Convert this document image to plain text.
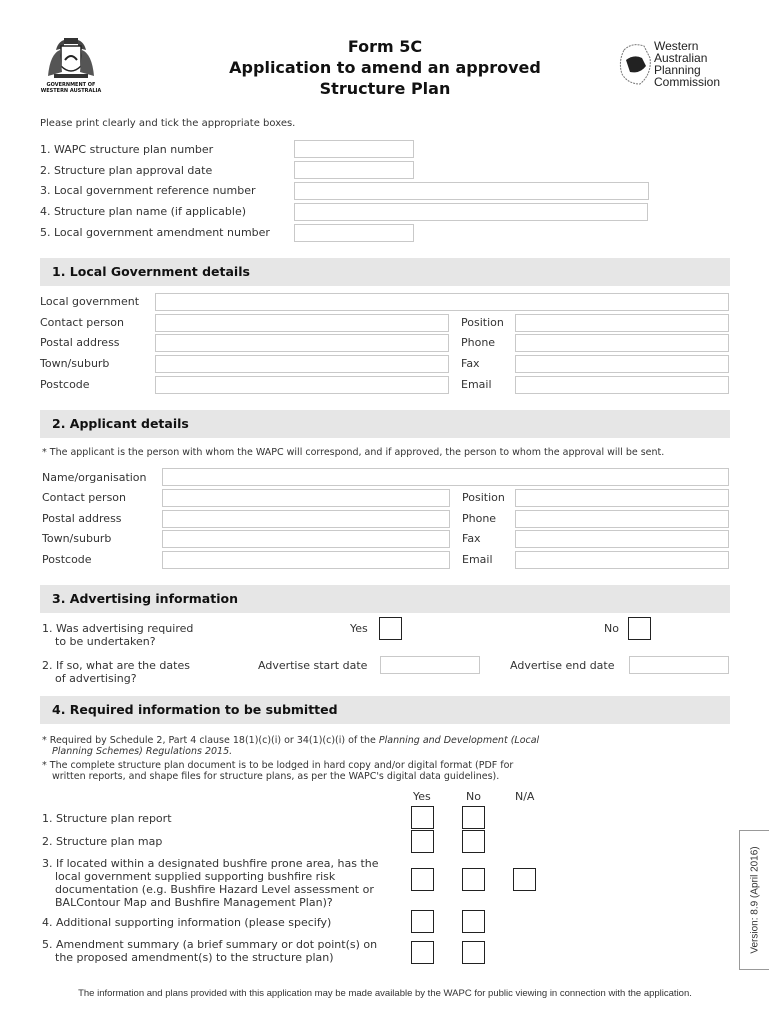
GOVERNMENT OF WESTERN AUSTRALIA
Form 5C
Application to amend an approved
Structure Plan
Western
Australian
Planning
Commission
Please print clearly and tick the appropriate boxes.
1. WAPC structure plan number
2. Structure plan approval date
3. Local government reference number
4. Structure plan name (if applicable)
5. Local government amendment number
1. Local Government details
Local government
Contact person	Position
Postal address	Phone
Town/suburb	Fax
Postcode	Email
2. Applicant details
* The applicant is the person with whom the WAPC will correspond, and if approved, the person to whom the approval will be sent.
Name/organisation
Contact person	Position
Postal address	Phone
Town/suburb	Fax
Postcode	Email
3. Advertising information
1. Was advertising required
to be undertaken?
Yes	No
2. If so, what are the dates
of advertising?
Advertise start date	Advertise end date
4. Required information to be submitted
* Required by Schedule 2, Part 4 clause 18(1)(c)(i) or 34(1)(c)(i) of the Planning and Development (Local
Planning Schemes) Regulations 2015.
* The complete structure plan document is to be lodged in hard copy and/or digital format (PDF for
written reports, and shape files for structure plans, as per the WAPC's digital data guidelines).
Yes	No	N/A
1. Structure plan report
2. Structure plan map
3. If located within a designated bushfire prone area, has the
local government supplied supporting bushfire risk
documentation (e.g. Bushfire Hazard Level assessment or
BALContour Map and Bushfire Management Plan)?
4. Additional supporting information (please specify)
5. Amendment summary (a brief summary or dot point(s) on
the proposed amendment(s) to the structure plan)
Version: 8.9 (April 2016)
The information and plans provided with this application may be made available by the WAPC for public viewing in connection with the application.
